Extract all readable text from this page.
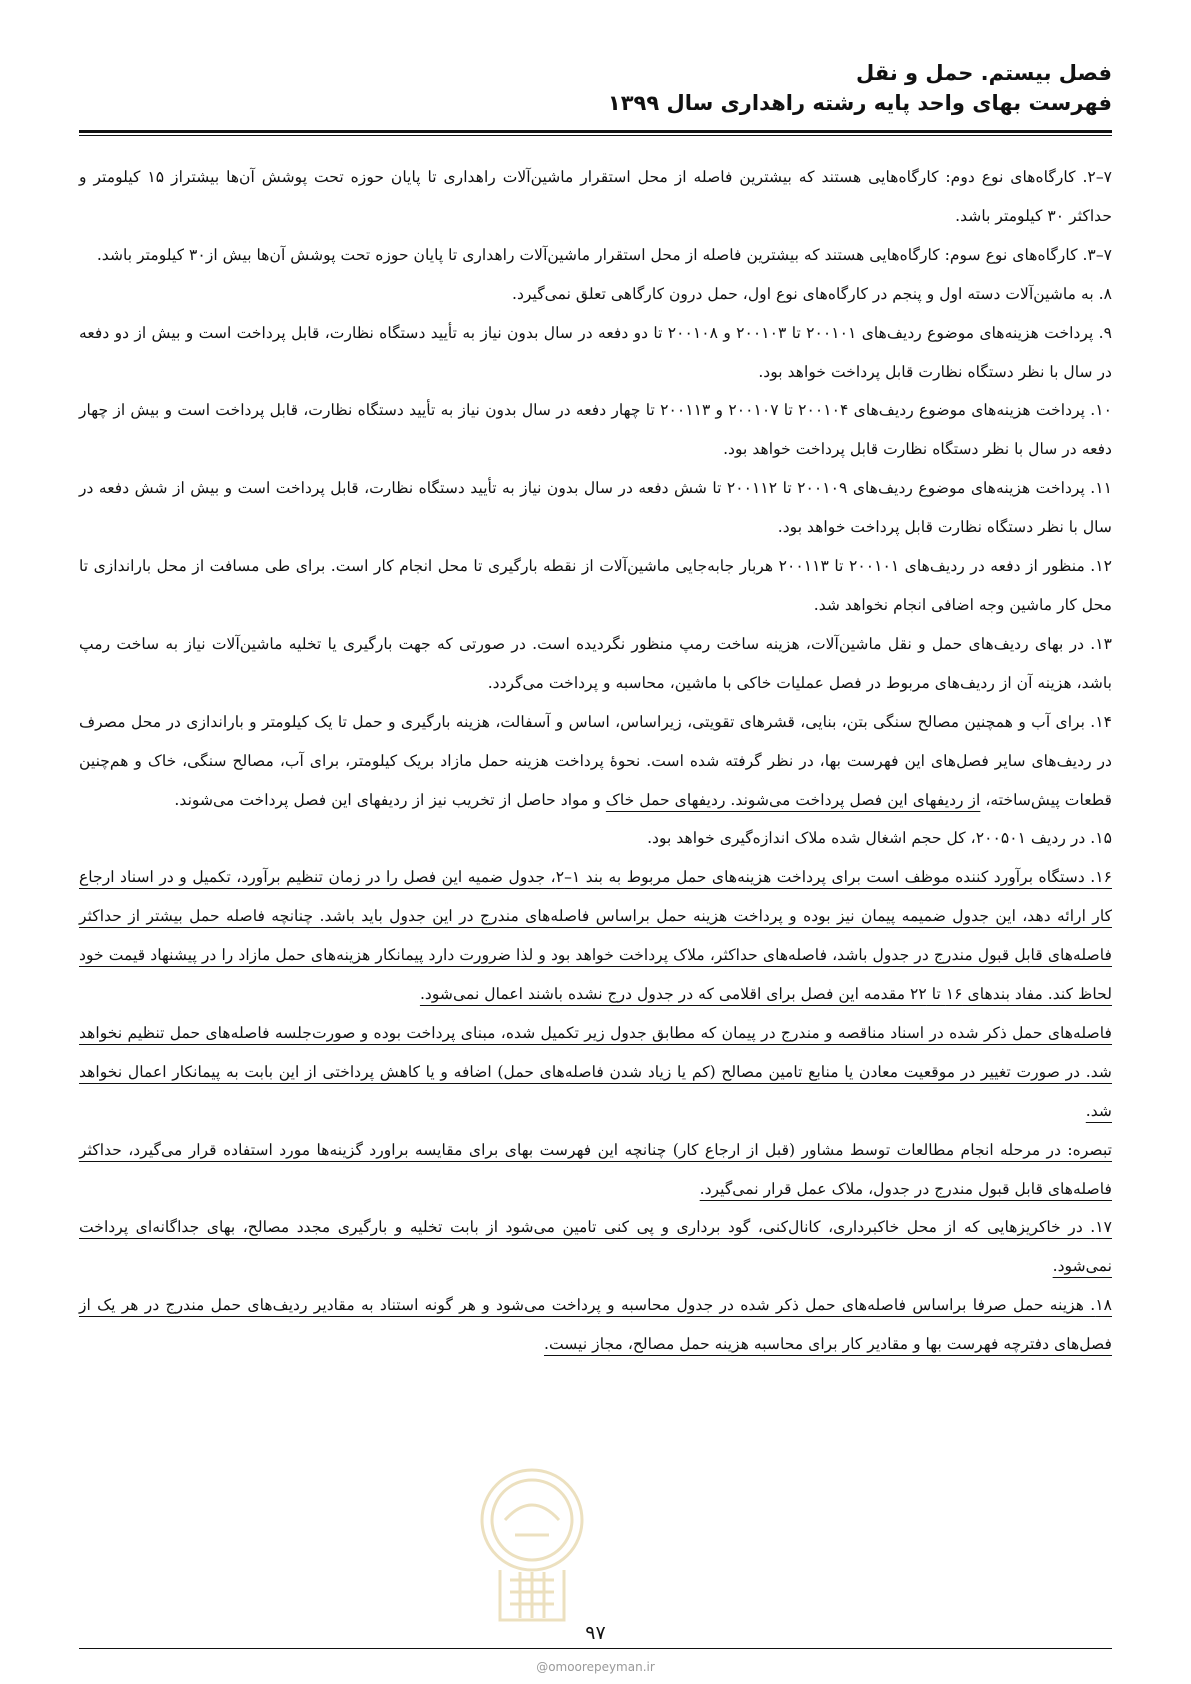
فصل بیستم. حمل و نقل
فهرست بهای واحد پایه رشته راهداری سال ۱۳۹۹

۷–۲. کارگاه‌های نوع دوم: کارگاه‌هایی هستند که بیشترین فاصله از محل استقرار ماشین‌آلات راهداری تا پایان حوزه تحت پوشش آن‌ها بیشتراز ۱۵ کیلومتر و حداکثر ۳۰ کیلومتر باشد.

۷–۳. کارگاه‌های نوع سوم: کارگاه‌هایی هستند که بیشترین فاصله از محل استقرار ماشین‌آلات راهداری تا پایان حوزه تحت پوشش آن‌ها بیش از۳۰ کیلومتر باشد.

۸. به ماشین‌آلات دسته اول و پنجم در کارگاه‌های نوع اول، حمل درون کارگاهی تعلق نمی‌گیرد.

۹. پرداخت هزینه‌های موضوع ردیف‌های ۲۰۰۱۰۱ تا ۲۰۰۱۰۳ و ۲۰۰۱۰۸ تا دو دفعه در سال بدون نیاز به تأیید دستگاه نظارت، قابل پرداخت است و بیش از دو دفعه در سال با نظر دستگاه نظارت قابل پرداخت خواهد بود.

۱۰. پرداخت هزینه‌های موضوع ردیف‌های ۲۰۰۱۰۴ تا ۲۰۰۱۰۷ و ۲۰۰۱۱۳ تا چهار دفعه در سال بدون نیاز به تأیید دستگاه نظارت، قابل پرداخت است و بیش از چهار دفعه در سال با نظر دستگاه نظارت قابل پرداخت خواهد بود.

۱۱. پرداخت هزینه‌های موضوع ردیف‌های ۲۰۰۱۰۹ تا ۲۰۰۱۱۲ تا شش دفعه در سال بدون نیاز به تأیید دستگاه نظارت، قابل پرداخت است و بیش از شش دفعه در سال با نظر دستگاه نظارت قابل پرداخت خواهد بود.

۱۲. منظور از دفعه در ردیف‌های ۲۰۰۱۰۱ تا ۲۰۰۱۱۳ هربار جابه‌جایی ماشین‌آلات از نقطه بارگیری تا محل انجام کار است. برای طی مسافت از محل باراندازی تا محل کار ماشین وجه اضافی انجام نخواهد شد.

۱۳. در بهای ردیف‌های حمل و نقل ماشین‌آلات، هزینه ساخت رمپ منظور نگردیده است. در صورتی که جهت بارگیری یا تخلیه ماشین‌آلات نیاز به ساخت رمپ باشد، هزینه آن از ردیف‌های مربوط در فصل عملیات خاکی با ماشین، محاسبه و پرداخت می‌گردد.

۱۴. برای آب و همچنین مصالح سنگی بتن، بنایی، قشرهای تقویتی، زیراساس، اساس و آسفالت، هزینه بارگیری و حمل تا یک کیلومتر و باراندازی در محل مصرف در ردیف‌های سایر فصل‌های این فهرست بها، در نظر گرفته شده است. نحوهٔ پرداخت هزینه حمل مازاد بریک کیلومتر، برای آب، مصالح سنگی، خاک و هم‌چنین قطعات پیش‌ساخته، از ردیفهای این فصل پرداخت می‌شوند. ردیفهای حمل خاک و مواد حاصل از تخریب نیز از ردیفهای این فصل پرداخت می‌شوند.

۱۵. در ردیف ۲۰۰۵۰۱، کل حجم اشغال شده ملاک اندازه‌گیری خواهد بود.

۱۶. دستگاه برآورد کننده موظف است برای پرداخت هزینه‌های حمل مربوط به بند ۱–۲، جدول ضمیه این فصل را در زمان تنظیم برآورد، تکمیل و در اسناد ارجاع کار ارائه دهد، این جدول ضمیمه پیمان نیز بوده و پرداخت هزینه حمل براساس فاصله‌های مندرج در این جدول باید باشد. چنانچه فاصله حمل بیشتر از حداکثر فاصله‌های قابل قبول مندرج در جدول باشد، فاصله‌های حداکثر، ملاک پرداخت خواهد بود و لذا ضرورت دارد پیمانکار هزینه‌های حمل مازاد را در پیشنهاد قیمت خود لحاظ کند. مفاد بندهای ۱۶ تا ۲۲ مقدمه این فصل برای اقلامی که در جدول درج نشده باشند اعمال نمی‌شود.

فاصله‌های حمل ذکر شده در اسناد مناقصه و مندرج در پیمان که مطابق جدول زیر تکمیل شده، مبنای پرداخت بوده و صورت‌جلسه فاصله‌های حمل تنظیم نخواهد شد. در صورت تغییر در موقعیت معادن یا منابع تامین مصالح (کم یا زیاد شدن فاصله‌های حمل) اضافه و یا کاهش پرداختی از این بابت به پیمانکار اعمال نخواهد شد.

تبصره: در مرحله انجام مطالعات توسط مشاور (قبل از ارجاع کار) چنانچه این فهرست بهای برای مقایسه براورد گزینه‌ها مورد استفاده قرار می‌گیرد، حداکثر فاصله‌های قابل قبول مندرج در جدول، ملاک عمل قرار نمی‌گیرد.

۱۷. در خاکریزهایی که از محل خاکبرداری، کانال‌کنی، گود برداری و پی کنی تامین می‌شود از بابت تخلیه و بارگیری مجدد مصالح، بهای جداگانه‌ای پرداخت نمی‌شود.

۱۸. هزینه حمل صرفا براساس فاصله‌های حمل ذکر شده در جدول محاسبه و پرداخت می‌شود و هر گونه استناد به مقادیر ردیف‌های حمل مندرج در هر یک از فصل‌های دفترچه فهرست بها و مقادیر کار برای محاسبه هزینه حمل مصالح، مجاز نیست.

۹۷
@omoorepeyman.ir
